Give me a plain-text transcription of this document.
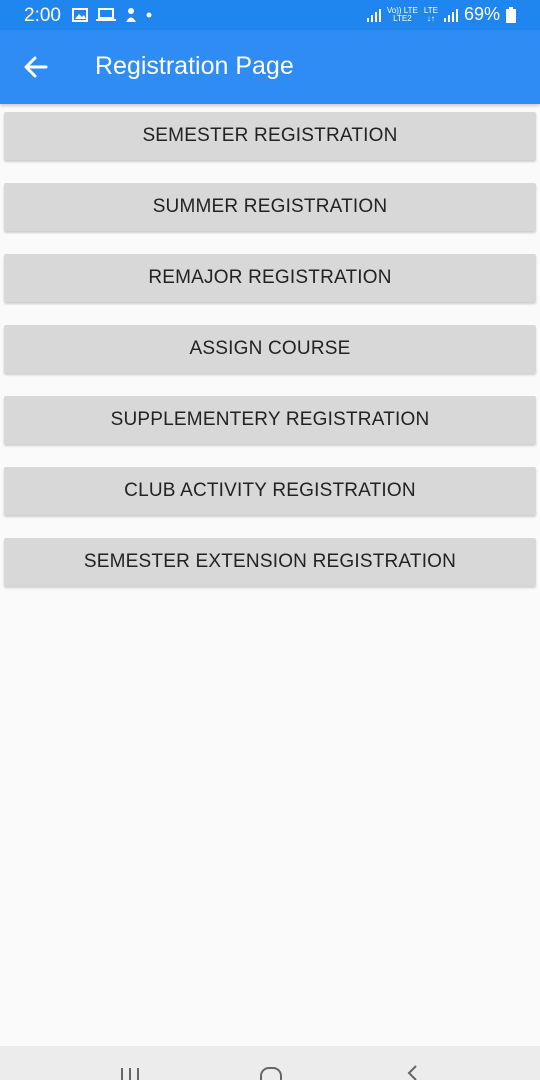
2:00	Vo)) LTE
LTE2
LTE
↓↑ 69%
Registration Page
SEMESTER REGISTRATION
SUMMER REGISTRATION
REMAJOR REGISTRATION
ASSIGN COURSE
SUPPLEMENTERY REGISTRATION
CLUB ACTIVITY REGISTRATION
SEMESTER EXTENSION REGISTRATION
